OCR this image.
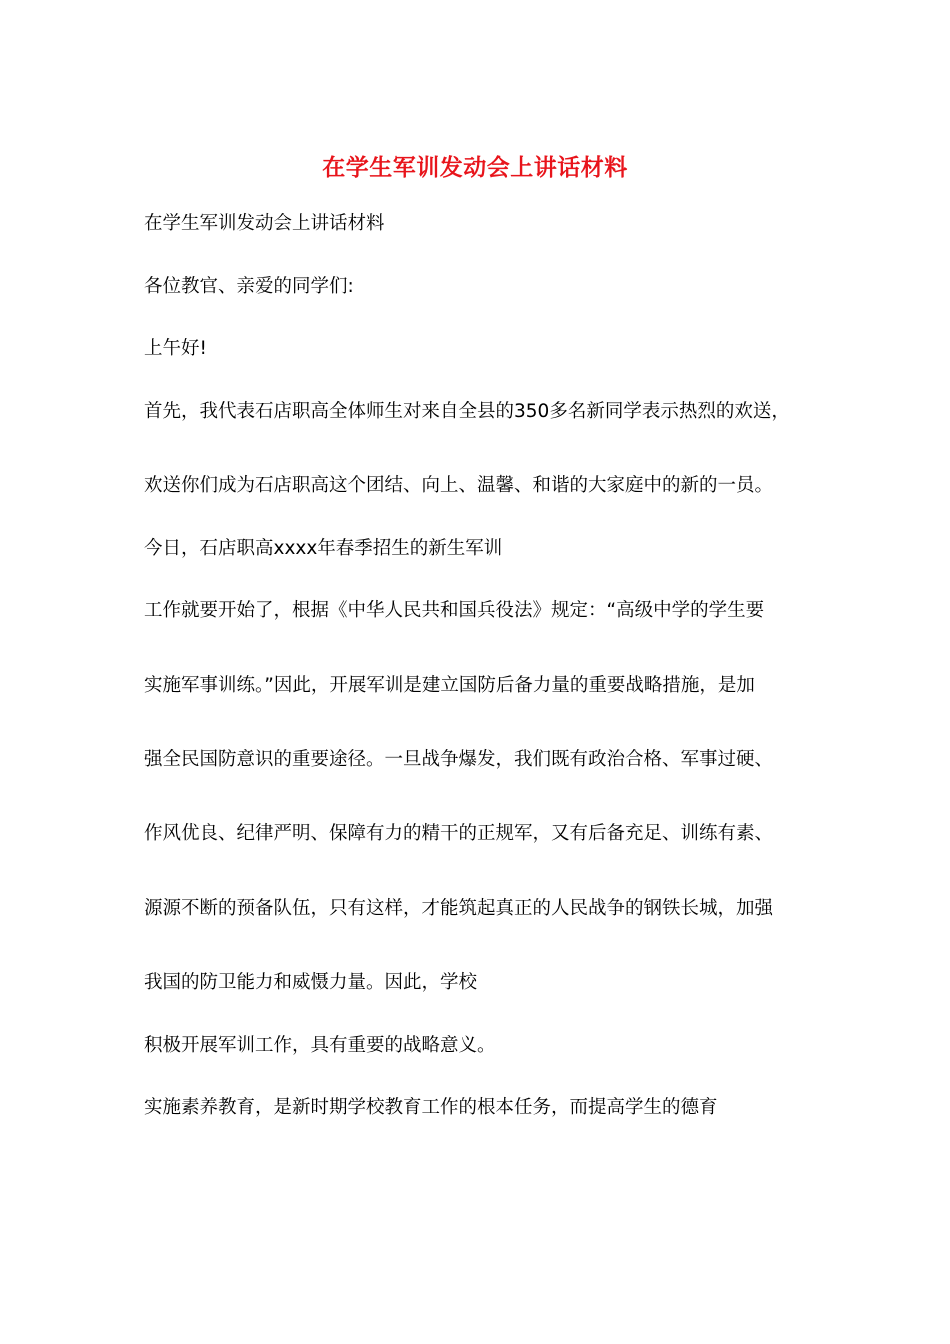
在学生军训发动会上讲话材料
在学生军训发动会上讲话材料
各位教官、亲爱的同学们:
上午好!
首先，我代表石店职高全体师生对来自全县的350多名新同学表示热烈的欢送，
欢送你们成为石店职高这个团结、向上、温馨、和谐的大家庭中的新的一员。
今日，石店职高xxxx年春季招生的新生军训
工作就要开始了，根据《中华人民共和国兵役法》规定：“高级中学的学生要
实施军事训练。”因此，开展军训是建立国防后备力量的重要战略措施，是加
强全民国防意识的重要途径。一旦战争爆发，我们既有政治合格、军事过硬、
作风优良、纪律严明、保障有力的精干的正规军，又有后备充足、训练有素、
源源不断的预备队伍，只有这样，才能筑起真正的人民战争的钢铁长城，加强
我国的防卫能力和威慑力量。因此，学校
积极开展军训工作，具有重要的战略意义。
实施素养教育，是新时期学校教育工作的根本任务，而提高学生的德育
